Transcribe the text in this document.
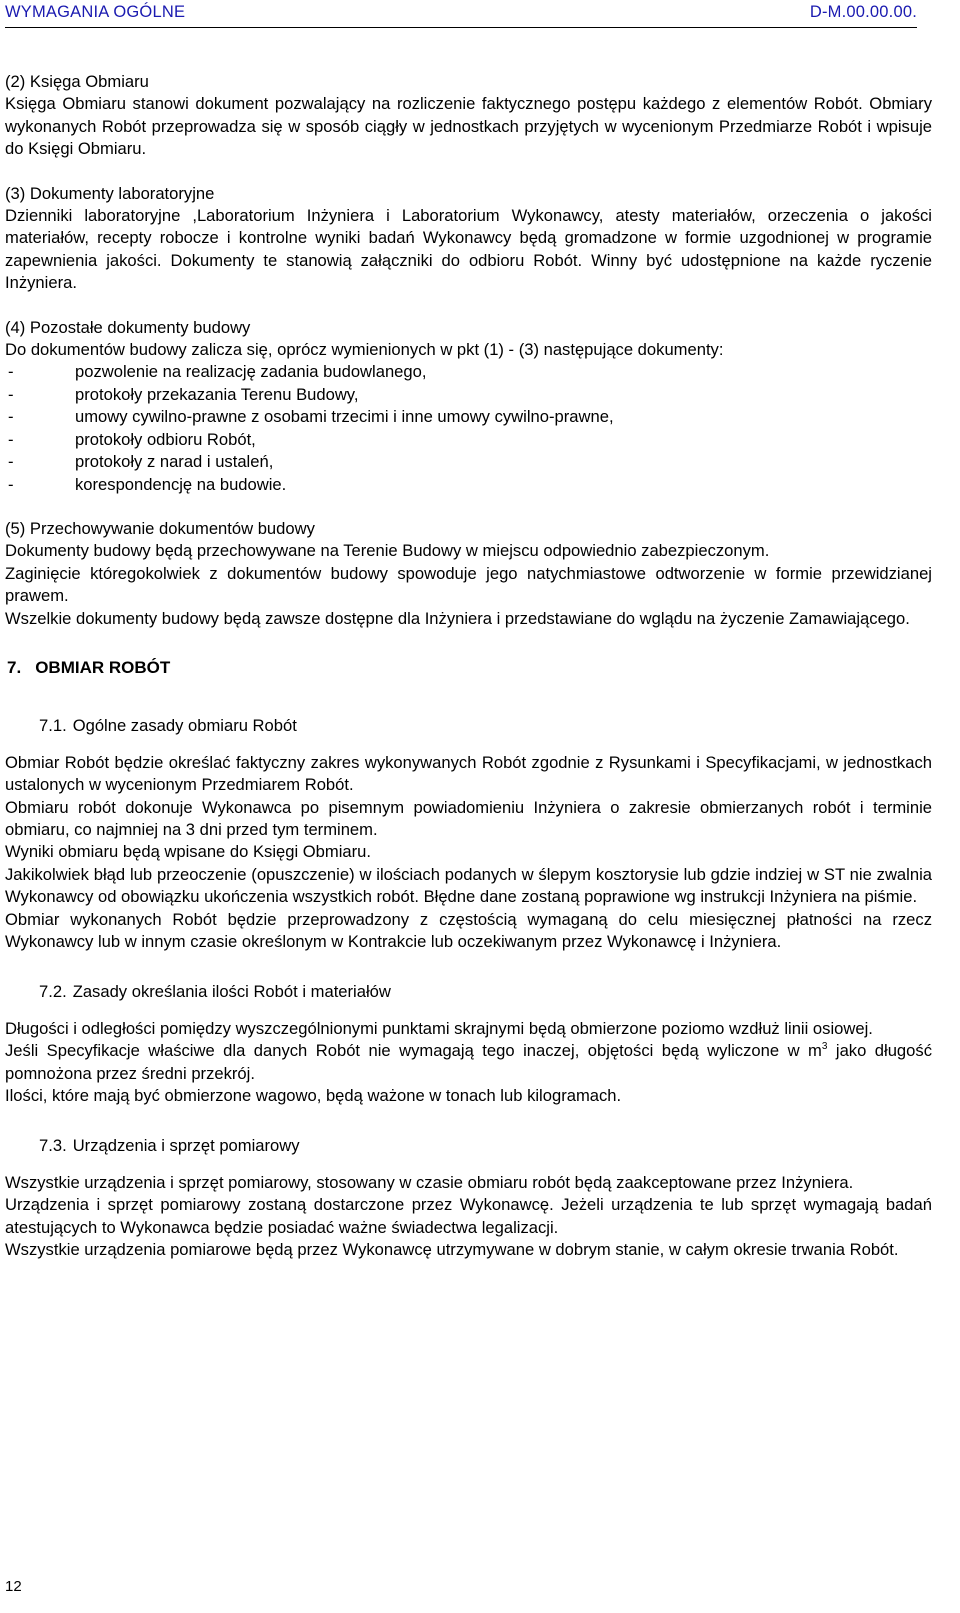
WYMAGANIA OGÓLNE	D-M.00.00.00.
(2) Księga Obmiaru
Księga Obmiaru stanowi dokument pozwalający na rozliczenie faktycznego postępu każdego z elementów Robót. Obmiary wykonanych Robót przeprowadza się w sposób ciągły w jednostkach przyjętych w wycenionym Przedmiarze Robót i wpisuje do Księgi Obmiaru.
(3) Dokumenty laboratoryjne
Dzienniki laboratoryjne ,Laboratorium Inżyniera i Laboratorium Wykonawcy, atesty materiałów, orzeczenia o jakości materiałów, recepty robocze i kontrolne wyniki badań Wykonawcy będą gromadzone w formie uzgodnionej w programie zapewnienia jakości. Dokumenty te stanowią załączniki do odbioru Robót. Winny być udostępnione na każde ryczenie Inżyniera.
(4) Pozostałe dokumenty budowy
Do dokumentów budowy zalicza się, oprócz wymienionych w pkt (1) - (3) następujące dokumenty:
-	pozwolenie na realizację zadania budowlanego,
-	protokoły przekazania Terenu Budowy,
-	umowy cywilno-prawne z osobami trzecimi i inne umowy cywilno-prawne,
-	protokoły odbioru Robót,
-	protokoły z narad i ustaleń,
-	korespondencję na budowie.
(5) Przechowywanie dokumentów budowy
Dokumenty budowy będą przechowywane na Terenie Budowy w miejscu odpowiednio zabezpieczonym.
Zaginięcie któregokolwiek z dokumentów budowy spowoduje jego natychmiastowe odtworzenie w formie przewidzianej prawem.
Wszelkie dokumenty budowy będą zawsze dostępne dla Inżyniera i przedstawiane do wglądu na życzenie Zamawiającego.
7. OBMIAR ROBÓT
7.1. Ogólne zasady obmiaru Robót
Obmiar Robót będzie określać faktyczny zakres wykonywanych Robót zgodnie z Rysunkami i Specyfikacjami, w jednostkach ustalonych w wycenionym Przedmiarem Robót.
Obmiaru robót dokonuje Wykonawca po pisemnym powiadomieniu Inżyniera o zakresie obmierzanych robót i terminie obmiaru, co najmniej na 3 dni przed tym terminem.
Wyniki obmiaru będą wpisane do Księgi Obmiaru.
Jakikolwiek błąd lub przeoczenie (opuszczenie) w ilościach podanych w ślepym kosztorysie lub gdzie indziej w ST nie zwalnia Wykonawcy od obowiązku ukończenia wszystkich robót. Błędne dane zostaną poprawione wg instrukcji Inżyniera na piśmie.
Obmiar wykonanych Robót będzie przeprowadzony z częstością wymaganą do celu miesięcznej płatności na rzecz Wykonawcy lub w innym czasie określonym w Kontrakcie lub oczekiwanym przez Wykonawcę i Inżyniera.
7.2. Zasady określania ilości Robót i materiałów
Długości i odległości pomiędzy wyszczególnionymi punktami skrajnymi będą obmierzone poziomo wzdłuż linii osiowej.
Jeśli Specyfikacje właściwe dla danych Robót nie wymagają tego inaczej, objętości będą wyliczone w $m^3$ jako długość pomnożona przez średni przekrój.
Ilości, które mają być obmierzone wagowo, będą ważone w tonach lub kilogramach.
7.3. Urządzenia i sprzęt pomiarowy
Wszystkie urządzenia i sprzęt pomiarowy, stosowany w czasie obmiaru robót będą zaakceptowane przez Inżyniera.
Urządzenia i sprzęt pomiarowy zostaną dostarczone przez Wykonawcę. Jeżeli urządzenia te lub sprzęt wymagają badań atestujących to Wykonawca będzie posiadać ważne świadectwa legalizacji.
Wszystkie urządzenia pomiarowe będą przez Wykonawcę utrzymywane w dobrym stanie, w całym okresie trwania Robót.
12
